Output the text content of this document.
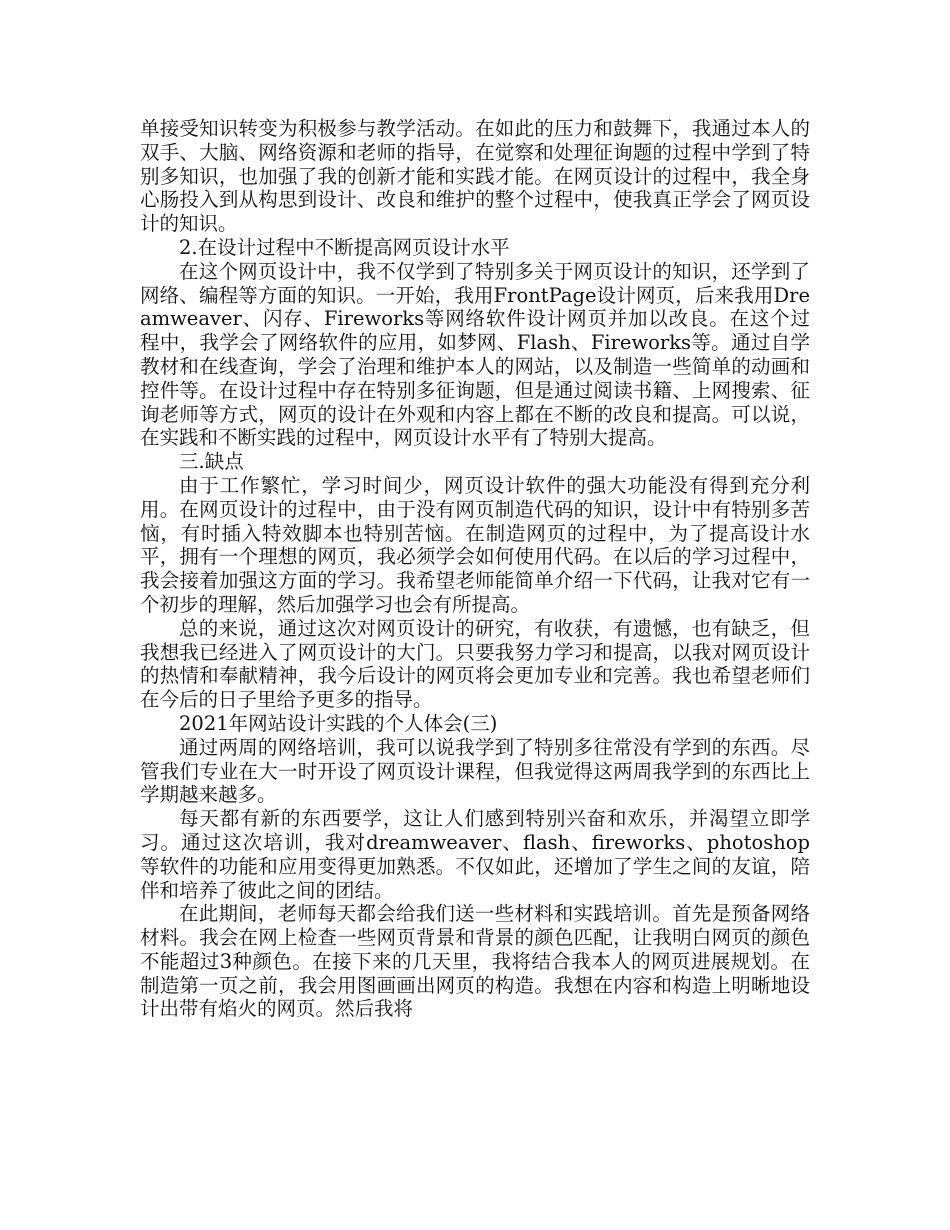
单接受知识转变为积极参与教学活动。在如此的压力和鼓舞下，我通过本人的双手、大脑、网络资源和老师的指导，在觉察和处理征询题的过程中学到了特别多知识，也加强了我的创新才能和实践才能。在网页设计的过程中，我全身心肠投入到从构思到设计、改良和维护的整个过程中，使我真正学会了网页设计的知识。

2.在设计过程中不断提高网页设计水平

在这个网页设计中，我不仅学到了特别多关于网页设计的知识，还学到了网络、编程等方面的知识。一开始，我用FrontPage设计网页，后来我用Dreamweaver、闪存、Fireworks等网络软件设计网页并加以改良。在这个过程中，我学会了网络软件的应用，如梦网、Flash、Fireworks等。通过自学教材和在线查询，学会了治理和维护本人的网站，以及制造一些简单的动画和控件等。在设计过程中存在特别多征询题，但是通过阅读书籍、上网搜索、征询老师等方式，网页的设计在外观和内容上都在不断的改良和提高。可以说，在实践和不断实践的过程中，网页设计水平有了特别大提高。

三.缺点

由于工作繁忙，学习时间少，网页设计软件的强大功能没有得到充分利用。在网页设计的过程中，由于没有网页制造代码的知识，设计中有特别多苦恼，有时插入特效脚本也特别苦恼。在制造网页的过程中，为了提高设计水平，拥有一个理想的网页，我必须学会如何使用代码。在以后的学习过程中，我会接着加强这方面的学习。我希望老师能简单介绍一下代码，让我对它有一个初步的理解，然后加强学习也会有所提高。

总的来说，通过这次对网页设计的研究，有收获，有遗憾，也有缺乏，但我想我已经进入了网页设计的大门。只要我努力学习和提高，以我对网页设计的热情和奉献精神，我今后设计的网页将会更加专业和完善。我也希望老师们在今后的日子里给予更多的指导。

2021年网站设计实践的个人体会(三)

通过两周的网络培训，我可以说我学到了特别多往常没有学到的东西。尽管我们专业在大一时开设了网页设计课程，但我觉得这两周我学到的东西比上学期越来越多。

每天都有新的东西要学，这让人们感到特别兴奋和欢乐，并渴望立即学习。通过这次培训，我对dreamweaver、flash、fireworks、photoshop等软件的功能和应用变得更加熟悉。不仅如此，还增加了学生之间的友谊，陪伴和培养了彼此之间的团结。

在此期间，老师每天都会给我们送一些材料和实践培训。首先是预备网络材料。我会在网上检查一些网页背景和背景的颜色匹配，让我明白网页的颜色不能超过3种颜色。在接下来的几天里，我将结合我本人的网页进展规划。在制造第一页之前，我会用图画画出网页的构造。我想在内容和构造上明晰地设计出带有焰火的网页。然后我将
